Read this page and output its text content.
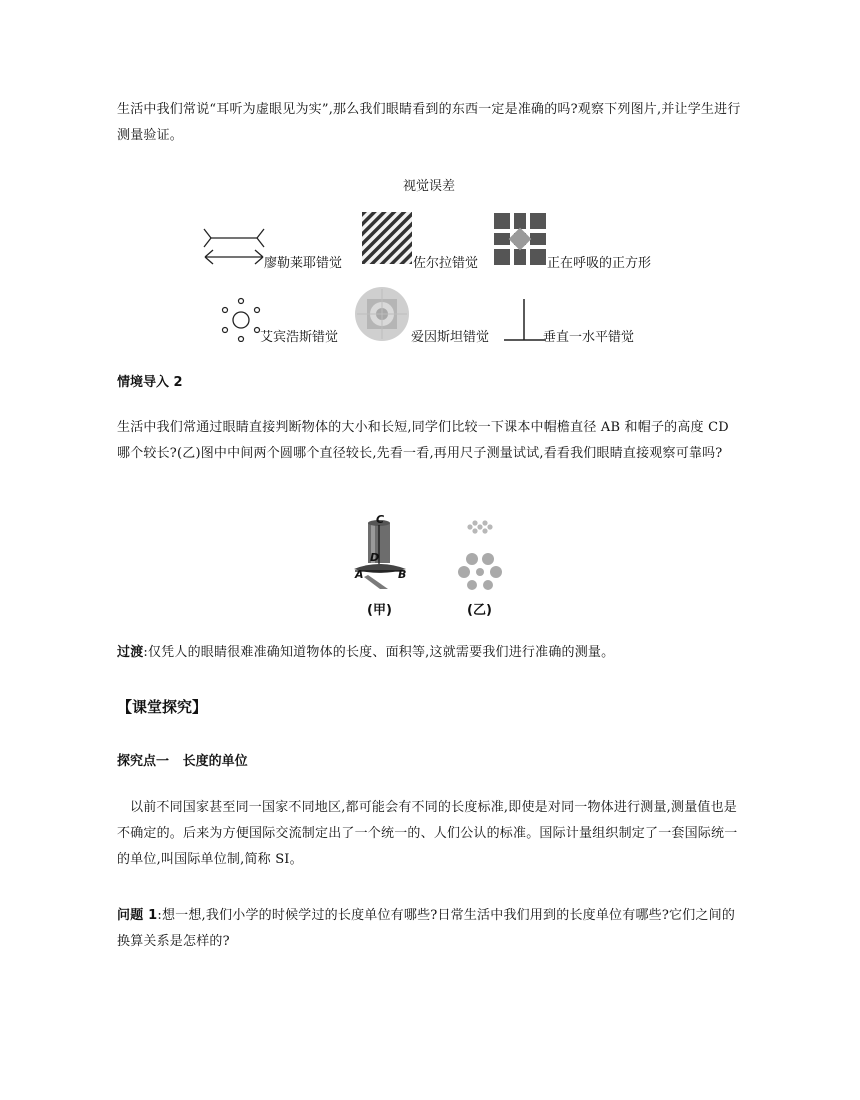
生活中我们常说“耳听为虚眼见为实”,那么我们眼睛看到的东西一定是准确的吗?观察下列图片,并让学生进行测量验证。

视觉误差
廖勒莱耶错觉	佐尔拉错觉	正在呼吸的正方形
艾宾浩斯错觉	爱因斯坦错觉	垂直一水平错觉
情境导入 2

生活中我们常通过眼睛直接判断物体的大小和长短,同学们比较一下课本中帽檐直径 AB 和帽子的高度 CD 哪个较长?(乙)图中中间两个圆哪个直径较长,先看一看,再用尺子测量试试,看看我们眼睛直接观察可靠吗?

C
D
A	B
(甲)	(乙)

过渡:仅凭人的眼睛很难准确知道物体的长度、面积等,这就需要我们进行准确的测量。

【课堂探究】
探究点一   长度的单位

以前不同国家甚至同一国家不同地区,都可能会有不同的长度标准,即使是对同一物体进行测量,测量值也是不确定的。后来为方便国际交流制定出了一个统一的、人们公认的标准。国际计量组织制定了一套国际统一的单位,叫国际单位制,简称 SI。

问题 1:想一想,我们小学的时候学过的长度单位有哪些?日常生活中我们用到的长度单位有哪些?它们之间的换算关系是怎样的?
